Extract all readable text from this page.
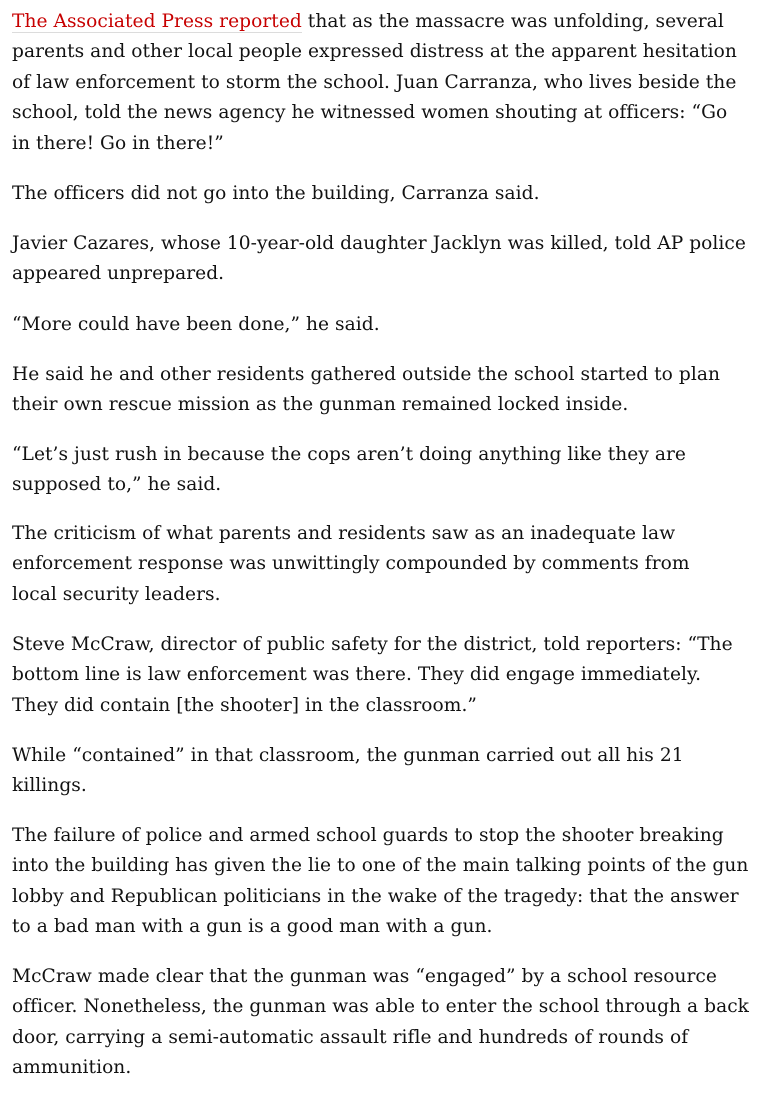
The Associated Press reported that as the massacre was unfolding, several
parents and other local people expressed distress at the apparent hesitation
of law enforcement to storm the school. Juan Carranza, who lives beside the
school, told the news agency he witnessed women shouting at officers: “Go
in there! Go in there!”

The officers did not go into the building, Carranza said.

Javier Cazares, whose 10-year-old daughter Jacklyn was killed, told AP police
appeared unprepared.

“More could have been done,” he said.

He said he and other residents gathered outside the school started to plan
their own rescue mission as the gunman remained locked inside.

“Let’s just rush in because the cops aren’t doing anything like they are
supposed to,” he said.

The criticism of what parents and residents saw as an inadequate law
enforcement response was unwittingly compounded by comments from
local security leaders.

Steve McCraw, director of public safety for the district, told reporters: “The
bottom line is law enforcement was there. They did engage immediately.
They did contain [the shooter] in the classroom.”

While “contained” in that classroom, the gunman carried out all his 21
killings.

The failure of police and armed school guards to stop the shooter breaking
into the building has given the lie to one of the main talking points of the gun
lobby and Republican politicians in the wake of the tragedy: that the answer
to a bad man with a gun is a good man with a gun.

McCraw made clear that the gunman was “engaged” by a school resource
officer. Nonetheless, the gunman was able to enter the school through a back
door, carrying a semi-automatic assault rifle and hundreds of rounds of
ammunition.
